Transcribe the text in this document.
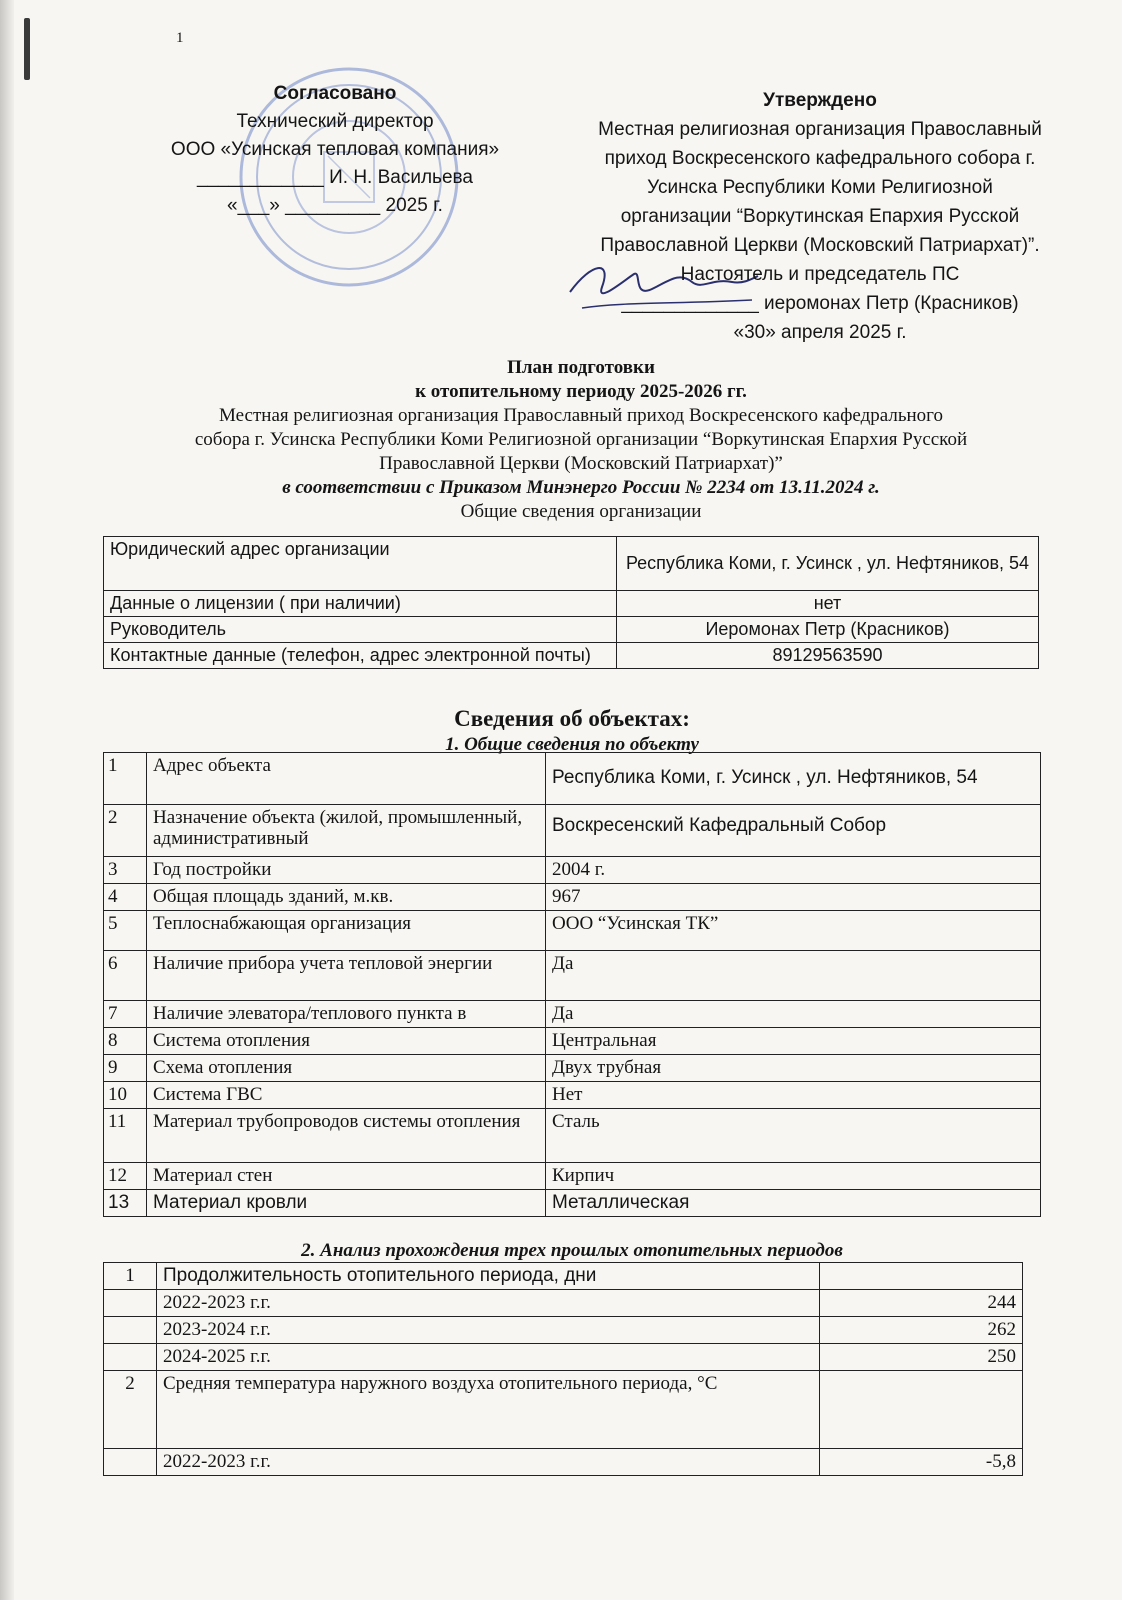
1
Согласовано
Технический директор
ООО «Усинская тепловая компания»
____________ И. Н. Васильева
«___» _________ 2025 г.
Утверждено
Местная религиозная организация Православный
приход Воскресенского кафедрального собора г.
Усинска Республики Коми Религиозной
организации “Воркутинская Епархия Русской
Православной Церкви (Московский Патриархат)”.
Настоятель и председатель ПС
_____________ иеромонах Петр (Красников)
«30» апреля 2025 г.
План подготовки
к отопительному периоду 2025-2026 гг.
Местная религиозная организация Православный приход Воскресенского кафедрального
собора г. Усинска Республики Коми Религиозной организации “Воркутинская Епархия Русской
Православной Церкви (Московский Патриархат)”
в соответствии с Приказом Минэнерго России № 2234 от 13.11.2024 г.
Общие сведения организации
Юридический адрес организации	Республика Коми, г. Усинск , ул. Нефтяников, 54
Данные о лицензии ( при наличии)	нет
Руководитель	Иеромонах Петр (Красников)
Контактные данные (телефон, адрес электронной почты)	89129563590
Сведения об объектах:
1. Общие сведения по объекту
1	Адрес объекта	Республика Коми, г. Усинск , ул. Нефтяников, 54
2	Назначение объекта (жилой, промышленный, административный	Воскресенский Кафедральный Собор
3	Год постройки	2004 г.
4	Общая площадь зданий, м.кв.	967
5	Теплоснабжающая организация	ООО “Усинская ТК”
6	Наличие прибора учета тепловой энергии	Да
7	Наличие элеватора/теплового пункта в	Да
8	Система отопления	Центральная
9	Схема отопления	Двух трубная
10	Система ГВС	Нет
11	Материал трубопроводов системы отопления	Сталь
12	Материал стен	Кирпич
13	Материал кровли	Металлическая
2. Анализ прохождения трех прошлых отопительных периодов
1	Продолжительность отопительного периода, дни	
	2022-2023 г.г.	244
	2023-2024 г.г.	262
	2024-2025 г.г.	250
2	Средняя температура наружного воздуха отопительного периода, °С	
	2022-2023 г.г.	-5,8
